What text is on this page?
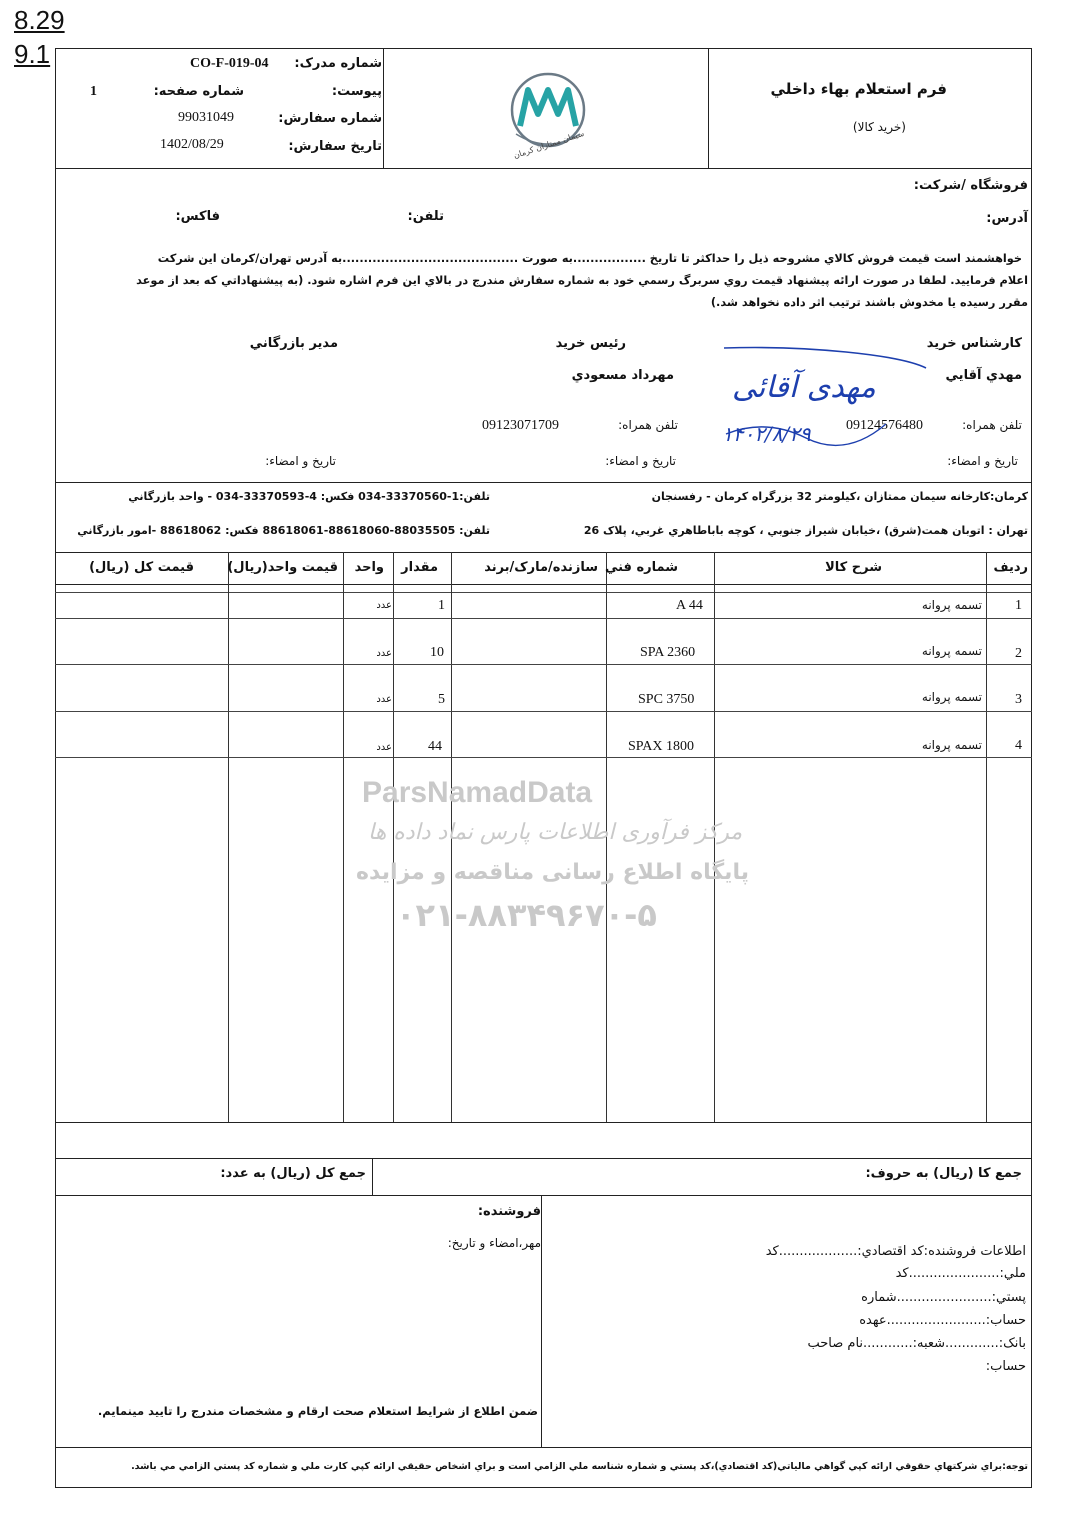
8.29
9.1	شماره مدرک:
CO-F-019-04
پيوست:
شماره صفحه:
1
شماره سفارش:
99031049
تاريخ سفارش:
1402/08/29	سیمان ممتازان کرمان
فرم استعلام بهاء داخلي
(خريد کالا)
فروشگاه /شرکت:
آدرس:
تلفن:
فاکس:
خواهشمند است قيمت فروش کالاي مشروحه ذيل را حداکثر تا تاريخ .................به صورت .........................................به آدرس تهران/کرمان اين شرکت
اعلام فرماييد. لطفا در صورت ارائه پيشنهاد قيمت روي سربرگ رسمي خود به شماره سفارش مندرج در بالاي اين فرم اشاره شود. (به پيشنهاداتي که بعد از موعد
مقرر رسيده يا مخدوش باشند ترتيب اثر داده نخواهد شد.)
کارشناس خريد
مهدي آقايي
تلفن همراه:
09124576480
تاريخ و امضاء:
رئيس خريد
مهرداد مسعودي
تلفن همراه:
09123071709
تاريخ و امضاء:
مدير بازرگاني
تاريخ و امضاء:
مهدی آقائی
۱۴۰۲/۸/۲۹
کرمان:کارخانه سيمان ممتازان ،کيلومتر 32 بزرگراه کرمان - رفسنجان
تلفن:1-33370560-034 فکس: 4-33370593-034 - واحد بازرگاني
تهران : اتوبان همت(شرق) ،خيابان شيراز جنوبي ، کوچه باباطاهري غربي، پلاک 26
تلفن: 88035505-88618060-88618061 فکس: 88618062 -امور بازرگاني
رديف
شرح کالا
شماره فني
سازنده/مارک/برند
مقدار
واحد
قيمت واحد(ريال)
قيمت کل (ريال)
1
تسمه پروانه
A 44
1
عدد
2
تسمه پروانه
SPA 2360
10
عدد
3
تسمه پروانه
SPC 3750
5
عدد
4
تسمه پروانه
SPAX 1800
44
عدد
ParsNamadData
مرکز فرآوری اطلاعات پارس نماد داده ها
پایگاه اطلاع رسانی مناقصه و مزایده
۰۲۱-۸۸۳۴۹۶۷۰-۵
جمع کا (ريال) به حروف:
جمع کل (ريال) به عدد:
فروشنده:
مهر،امضاء و تاريخ:
اطلاعات فروشنده:کد اقتصادي:...................کد
ملي:......................کد
پستي:.......................شماره
حساب:........................عهده
بانک:.............شعبه:............نام صاحب
حساب:
ضمن اطلاع از شرايط استعلام صحت ارقام و مشخصات مندرج را تاييد مينمايم.
توجه:براي شرکتهاي حقوقي ارائه کپي گواهي مالياتي(کد اقتصادي)،کد پستي و شماره شناسه ملي الزامي است و براي اشخاص حقيقي ارائه کپي کارت ملي و شماره کد پستي الزامي مي باشد.
